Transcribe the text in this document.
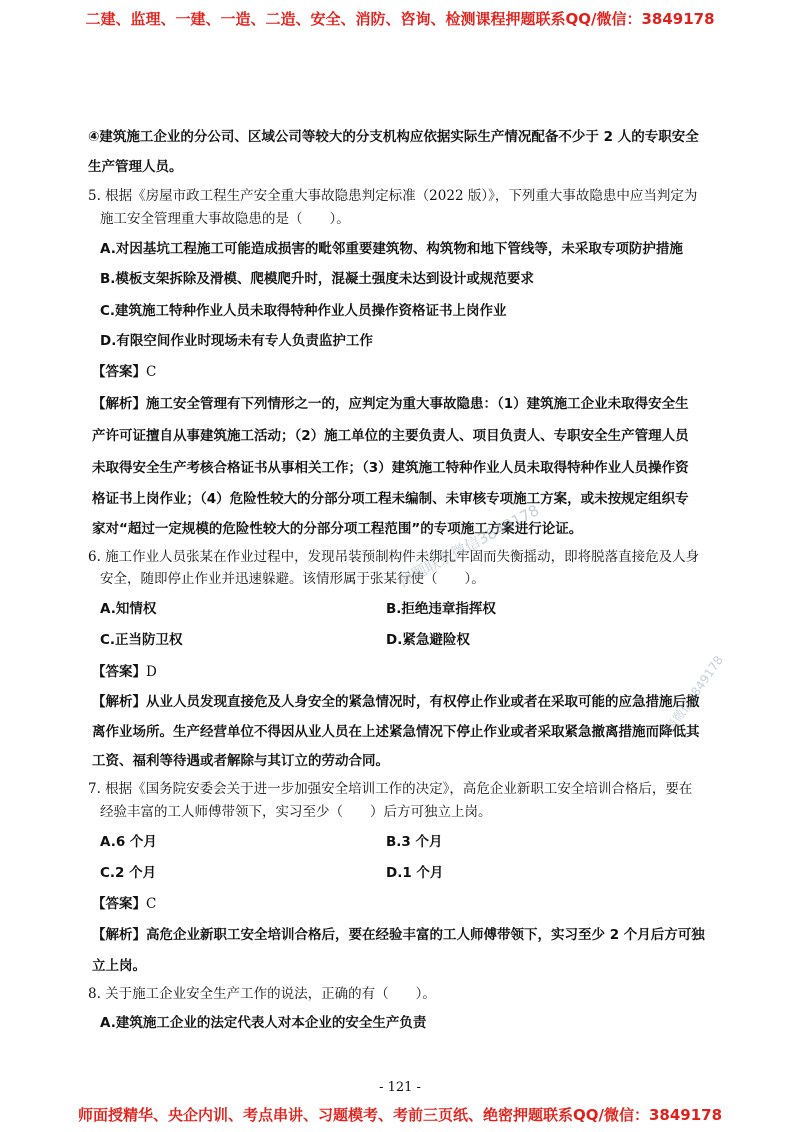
二建、监理、一建、一造、二造、安全、消防、咨询、检测课程押题联系QQ/微信：3849178
④建筑施工企业的分公司、区域公司等较大的分支机构应依据实际生产情况配备不少于 2 人的专职安全
生产管理人员。
5. 根据《房屋市政工程生产安全重大事故隐患判定标准（2022 版）》，下列重大事故隐患中应当判定为
施工安全管理重大事故隐患的是（　　）。
A.对因基坑工程施工可能造成损害的毗邻重要建筑物、构筑物和地下管线等，未采取专项防护措施
B.模板支架拆除及滑模、爬模爬升时，混凝土强度未达到设计或规范要求
C.建筑施工特种作业人员未取得特种作业人员操作资格证书上岗作业
D.有限空间作业时现场未有专人负责监护工作
【答案】C
【解析】施工安全管理有下列情形之一的，应判定为重大事故隐患：（1）建筑施工企业未取得安全生
产许可证擅自从事建筑施工活动；（2）施工单位的主要负责人、项目负责人、专职安全生产管理人员
未取得安全生产考核合格证书从事相关工作；（3）建筑施工特种作业人员未取得特种作业人员操作资
格证书上岗作业；（4）危险性较大的分部分项工程未编制、未审核专项施工方案，或未按规定组织专
家对“超过一定规模的危险性较大的分部分项工程范围”的专项施工方案进行论证。
6. 施工作业人员张某在作业过程中，发现吊装预制构件未绑扎牢固而失衡摇动，即将脱落直接危及人身
安全，随即停止作业并迅速躲避。该情形属于张某行使（　　）。
A.知情权	B.拒绝违章指挥权
C.正当防卫权	D.紧急避险权
【答案】D
【解析】从业人员发现直接危及人身安全的紧急情况时，有权停止作业或者在采取可能的应急措施后撤
离作业场所。生产经营单位不得因从业人员在上述紧急情况下停止作业或者采取紧急撤离措施而降低其
工资、福利等待遇或者解除与其订立的劳动合同。
7. 根据《国务院安委会关于进一步加强安全培训工作的决定》，高危企业新职工安全培训合格后，要在
经验丰富的工人师傅带领下，实习至少（　　）后方可独立上岗。
A.6 个月	B.3 个月
C.2 个月	D.1 个月
【答案】C
【解析】高危企业新职工安全培训合格后，要在经验丰富的工人师傅带领下，实习至少 2 个月后方可独
立上岗。
8. 关于施工企业安全生产工作的说法，正确的有（　　）。
A.建筑施工企业的法定代表人对本企业的安全生产负责
押题联系微信3849178
一级微信3849178
- 121 -
师面授精华、央企内训、考点串讲、习题模考、考前三页纸、绝密押题联系QQ/微信：3849178
